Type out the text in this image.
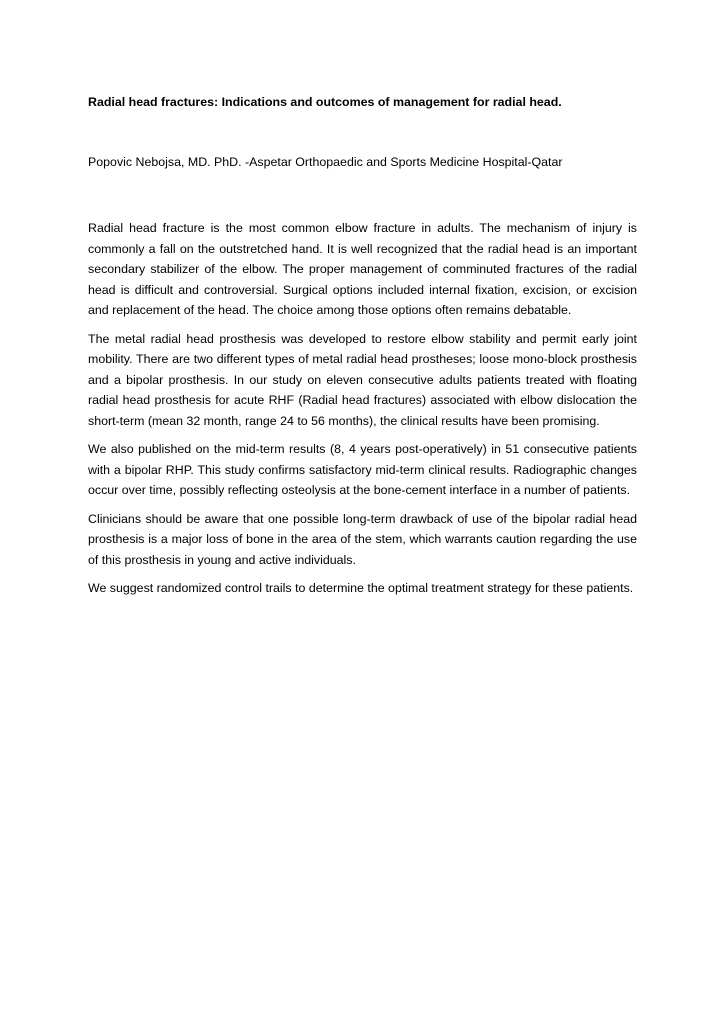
Radial head fractures: Indications and outcomes of management for radial head.
Popovic Nebojsa, MD. PhD. -Aspetar Orthopaedic and Sports Medicine Hospital-Qatar

Radial head fracture is the most common elbow fracture in adults. The mechanism of injury is commonly a fall on the outstretched hand. It is well recognized that the radial head is an important secondary stabilizer of the elbow. The proper management of comminuted fractures of the radial head is difficult and controversial. Surgical options included internal fixation, excision, or excision and replacement of the head. The choice among those options often remains debatable.

The metal radial head prosthesis was developed to restore elbow stability and permit early joint mobility. There are two different types of metal radial head prostheses; loose mono-block prosthesis and a bipolar prosthesis. In our study on eleven consecutive adults patients treated with floating radial head prosthesis for acute RHF (Radial head fractures) associated with elbow dislocation the short-term (mean 32 month, range 24 to 56 months), the clinical results have been promising.

We also published on the mid-term results (8, 4 years post-operatively) in 51 consecutive patients with a bipolar RHP. This study confirms satisfactory mid-term clinical results. Radiographic changes occur over time, possibly reflecting osteolysis at the bone-cement interface in a number of patients.

Clinicians should be aware that one possible long-term drawback of use of the bipolar radial head prosthesis is a major loss of bone in the area of the stem, which warrants caution regarding the use of this prosthesis in young and active individuals.

We suggest randomized control trails to determine the optimal treatment strategy for these patients.
